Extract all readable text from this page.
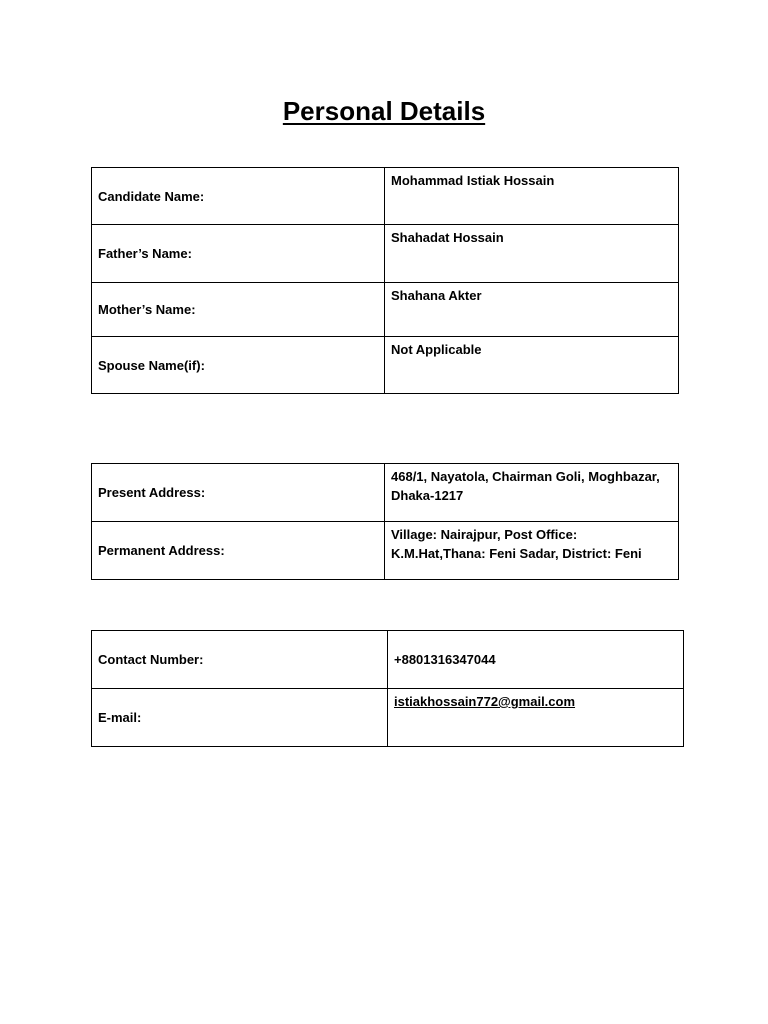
Personal Details
Candidate Name:	Mohammad Istiak Hossain
Father’s Name:	Shahadat Hossain
Mother’s Name:	Shahana Akter
Spouse Name(if):	Not Applicable
Present Address:	468/1, Nayatola, Chairman Goli, Moghbazar, Dhaka-1217
Permanent Address:	Village: Nairajpur, Post Office: K.M.Hat,Thana: Feni Sadar, District: Feni
Contact Number:	+8801316347044
E-mail:	istiakhossain772@gmail.com
